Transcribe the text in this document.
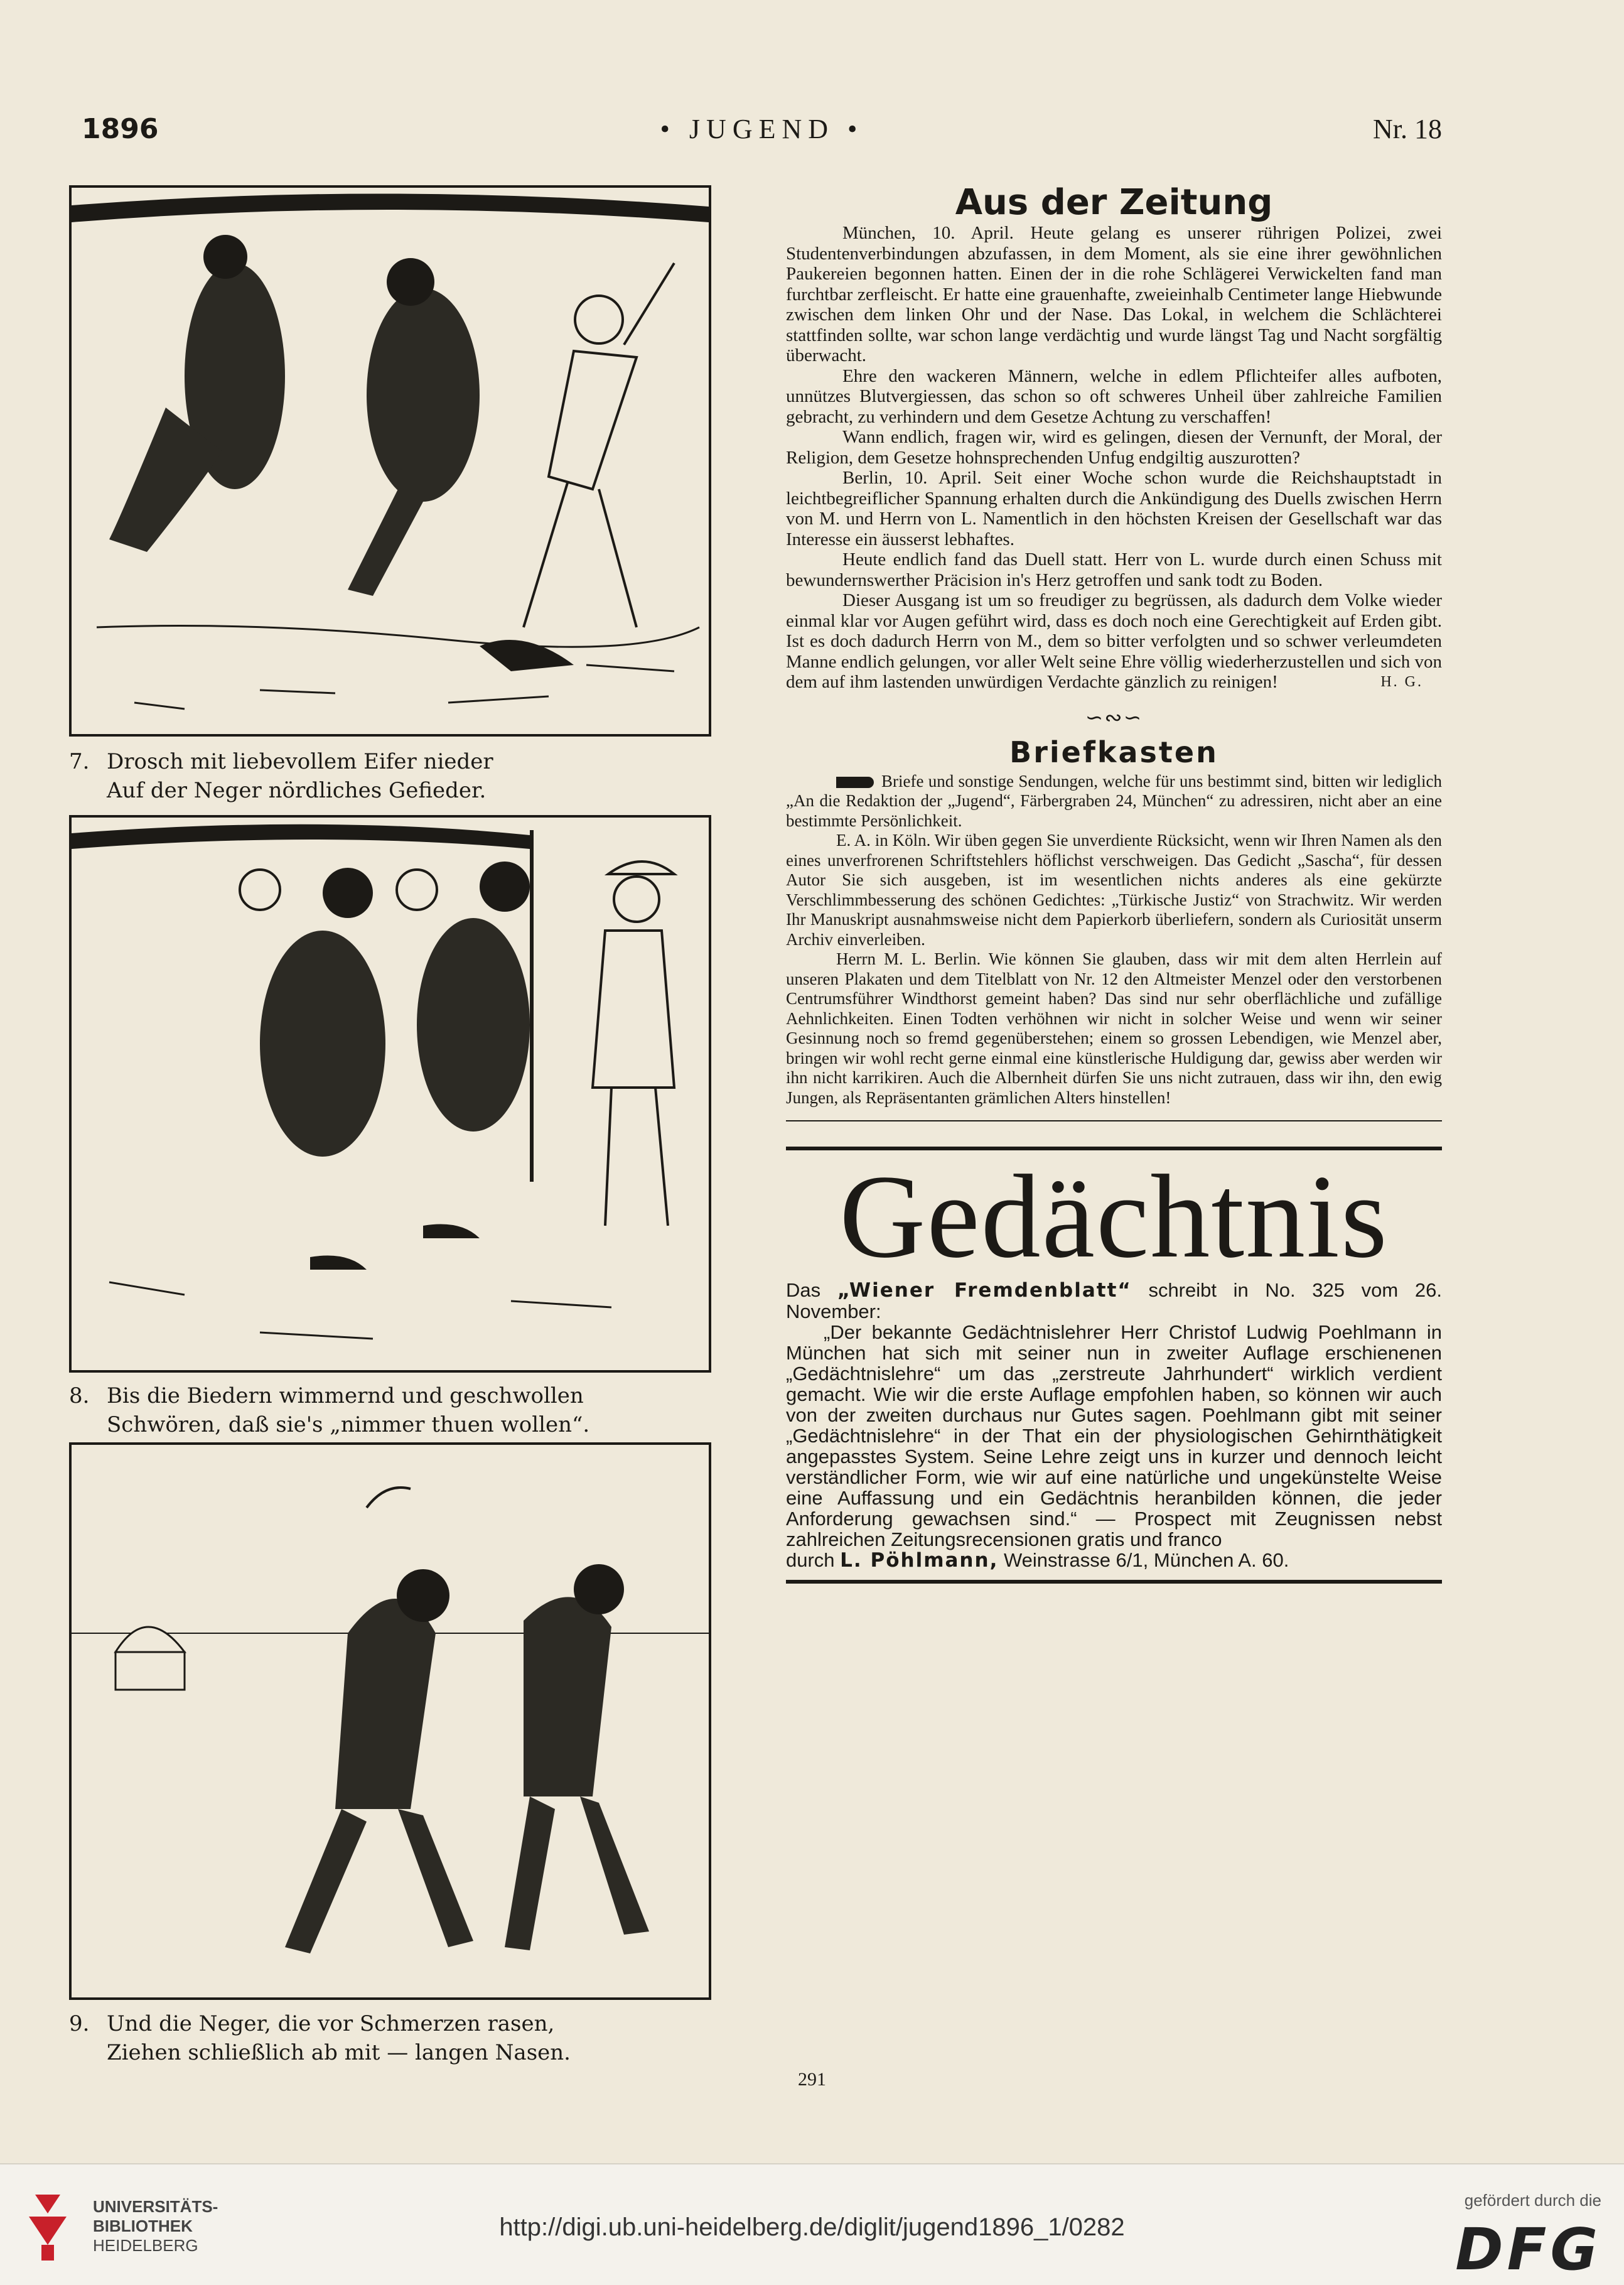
1896	• JUGEND •	Nr. 18
7. Drosch mit liebevollem Eifer nieder
Auf der Neger nördliches Gefieder.
8. Bis die Biedern wimmernd und geschwollen
Schwören, daß sie's „nimmer thuen wollen“.
9. Und die Neger, die vor Schmerzen rasen,
Ziehen schließlich ab mit — langen Nasen.
Aus der Zeitung

München, 10. April. Heute gelang es unserer rührigen Polizei, zwei Studentenverbindungen abzufassen, in dem Moment, als sie eine ihrer gewöhnlichen Paukereien begonnen hatten. Einen der in die rohe Schlägerei Verwickelten fand man furchtbar zerfleischt. Er hatte eine grauenhafte, zweieinhalb Centimeter lange Hiebwunde zwischen dem linken Ohr und der Nase. Das Lokal, in welchem die Schlächterei stattfinden sollte, war schon lange verdächtig und wurde längst Tag und Nacht sorgfältig überwacht.

Ehre den wackeren Männern, welche in edlem Pflichteifer alles aufboten, unnützes Blutvergiessen, das schon so oft schweres Unheil über zahlreiche Familien gebracht, zu verhindern und dem Gesetze Achtung zu verschaffen!

Wann endlich, fragen wir, wird es gelingen, diesen der Vernunft, der Moral, der Religion, dem Gesetze hohnsprechenden Unfug endgiltig auszurotten?

Berlin, 10. April. Seit einer Woche schon wurde die Reichshauptstadt in leichtbegreiflicher Spannung erhalten durch die Ankündigung des Duells zwischen Herrn von M. und Herrn von L. Namentlich in den höchsten Kreisen der Gesellschaft war das Interesse ein äusserst lebhaftes.

Heute endlich fand das Duell statt. Herr von L. wurde durch einen Schuss mit bewundernswerther Präcision in's Herz getroffen und sank todt zu Boden.

Dieser Ausgang ist um so freudiger zu begrüssen, als dadurch dem Volke wieder einmal klar vor Augen geführt wird, dass es doch noch eine Gerechtigkeit auf Erden gibt. Ist es doch dadurch Herrn von M., dem so bitter verfolgten und so schwer verleumdeten Manne endlich gelungen, vor aller Welt seine Ehre völlig wiederherzustellen und sich von dem auf ihm lastenden unwürdigen Verdachte gänzlich zu reinigen!	H. G.

∽∾∽
Briefkasten

Briefe und sonstige Sendungen, welche für uns bestimmt sind, bitten wir lediglich „An die Redaktion der „Jugend“, Färbergraben 24, München“ zu adressiren, nicht aber an eine bestimmte Persönlichkeit.

E. A. in Köln. Wir üben gegen Sie unverdiente Rücksicht, wenn wir Ihren Namen als den eines unverfrorenen Schriftstehlers höflichst verschweigen. Das Gedicht „Sascha“, für dessen Autor Sie sich ausgeben, ist im wesentlichen nichts anderes als eine gekürzte Verschlimmbesserung des schönen Gedichtes: „Türkische Justiz“ von Strachwitz. Wir werden Ihr Manuskript ausnahmsweise nicht dem Papierkorb überliefern, sondern als Curiosität unserm Archiv einverleiben.

Herrn M. L. Berlin. Wie können Sie glauben, dass wir mit dem alten Herrlein auf unseren Plakaten und dem Titelblatt von Nr. 12 den Altmeister Menzel oder den verstorbenen Centrumsführer Windthorst gemeint haben? Das sind nur sehr oberflächliche und zufällige Aehnlichkeiten. Einen Todten verhöhnen wir nicht in solcher Weise und wenn wir seiner Gesinnung noch so fremd gegenüberstehen; einem so grossen Lebendigen, wie Menzel aber, bringen wir wohl recht gerne einmal eine künstlerische Huldigung dar, gewiss aber werden wir ihn nicht karrikiren. Auch die Albernheit dürfen Sie uns nicht zutrauen, dass wir ihn, den ewig Jungen, als Repräsentanten grämlichen Alters hinstellen!

Gedächtnis

Das „Wiener Fremdenblatt“ schreibt in No. 325 vom 26. November:

„Der bekannte Gedächtnislehrer Herr Christof Ludwig Poehlmann in München hat sich mit seiner nun in zweiter Auflage erschienenen „Gedächtnislehre“ um das „zerstreute Jahrhundert“ wirklich verdient gemacht. Wie wir die erste Auflage empfohlen haben, so können wir auch von der zweiten durchaus nur Gutes sagen. Poehlmann gibt mit seiner „Gedächtnislehre“ in der That ein der physiologischen Gehirnthätigkeit angepasstes System. Seine Lehre zeigt uns in kurzer und dennoch leicht verständlicher Form, wie wir auf eine natürliche und ungekünstelte Weise eine Auffassung und ein Gedächtnis heranbilden können, die jeder Anforderung gewachsen sind.“ — Prospect mit Zeugnissen nebst zahlreichen Zeitungsrecensionen gratis und franco

durch L. Pöhlmann, Weinstrasse 6/1, München A. 60.

291
UNIVERSITÄTS-
BIBLIOTHEK
HEIDELBERG
http://digi.ub.uni-heidelberg.de/diglit/jugend1896_1/0282
gefördert durch die
DFG
